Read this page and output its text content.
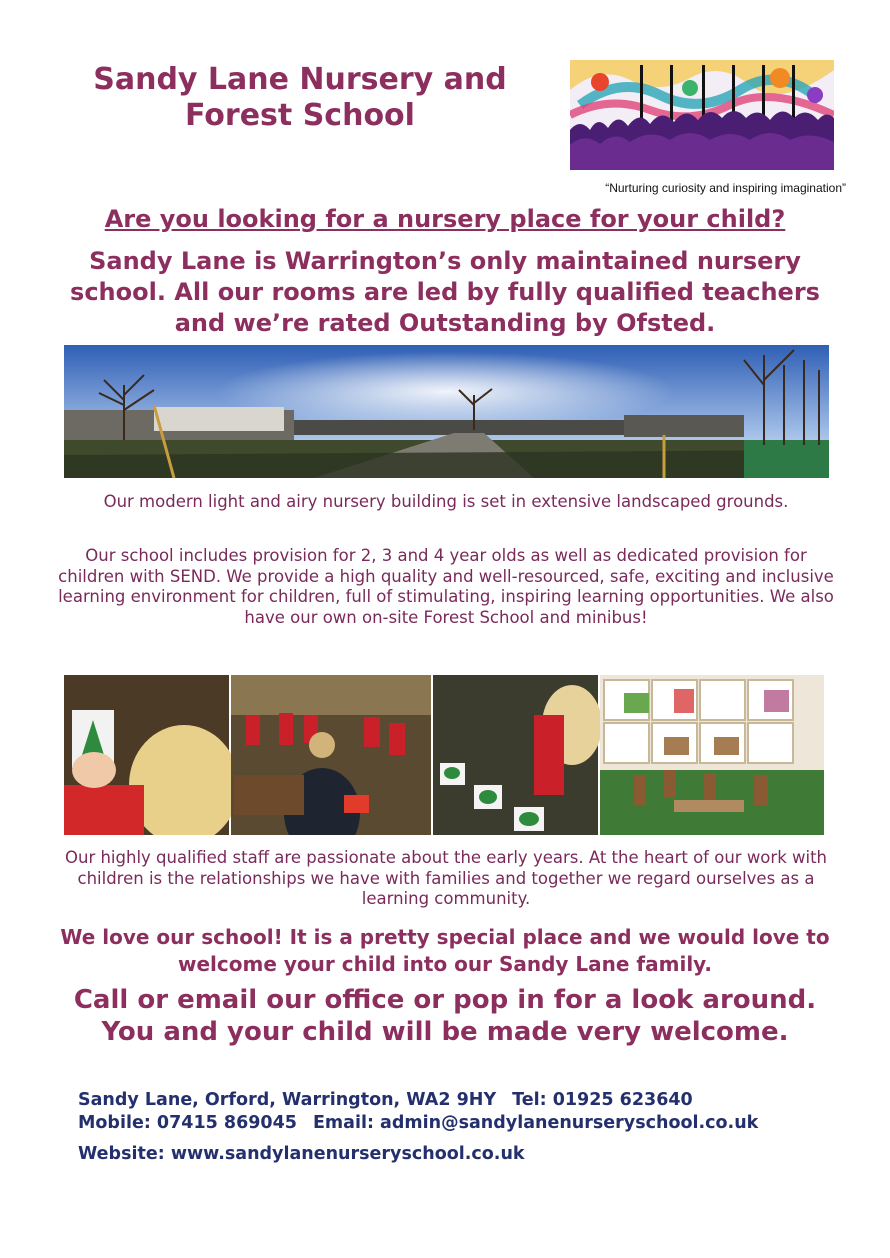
Sandy Lane Nursery and
Forest School
“Nurturing curiosity and inspiring imagination”
Are you looking for a nursery place for your child?
Sandy Lane is Warrington’s only maintained nursery school. All our rooms are led by fully qualified teachers and we’re rated Outstanding by Ofsted.
Our modern light and airy nursery building is set in extensive landscaped grounds.
Our school includes provision for 2, 3 and 4 year olds as well as dedicated provision for children with SEND. We provide a high quality and well-resourced, safe, exciting and inclusive learning environment for children, full of stimulating, inspiring learning opportunities. We also have our own on-site Forest School and minibus!
Our highly qualified staff are passionate about the early years. At the heart of our work with children is the relationships we have with families and together we regard ourselves as a learning community.
We love our school! It is a pretty special place and we would love to welcome your child into our Sandy Lane family.
Call or email our office or pop in for a look around. You and your child will be made very welcome.
Sandy Lane, Orford, Warrington, WA2 9HY Tel: 01925 623640
Mobile: 07415 869045 Email: admin@sandylanenurseryschool.co.uk
Website: www.sandylanenurseryschool.co.uk
